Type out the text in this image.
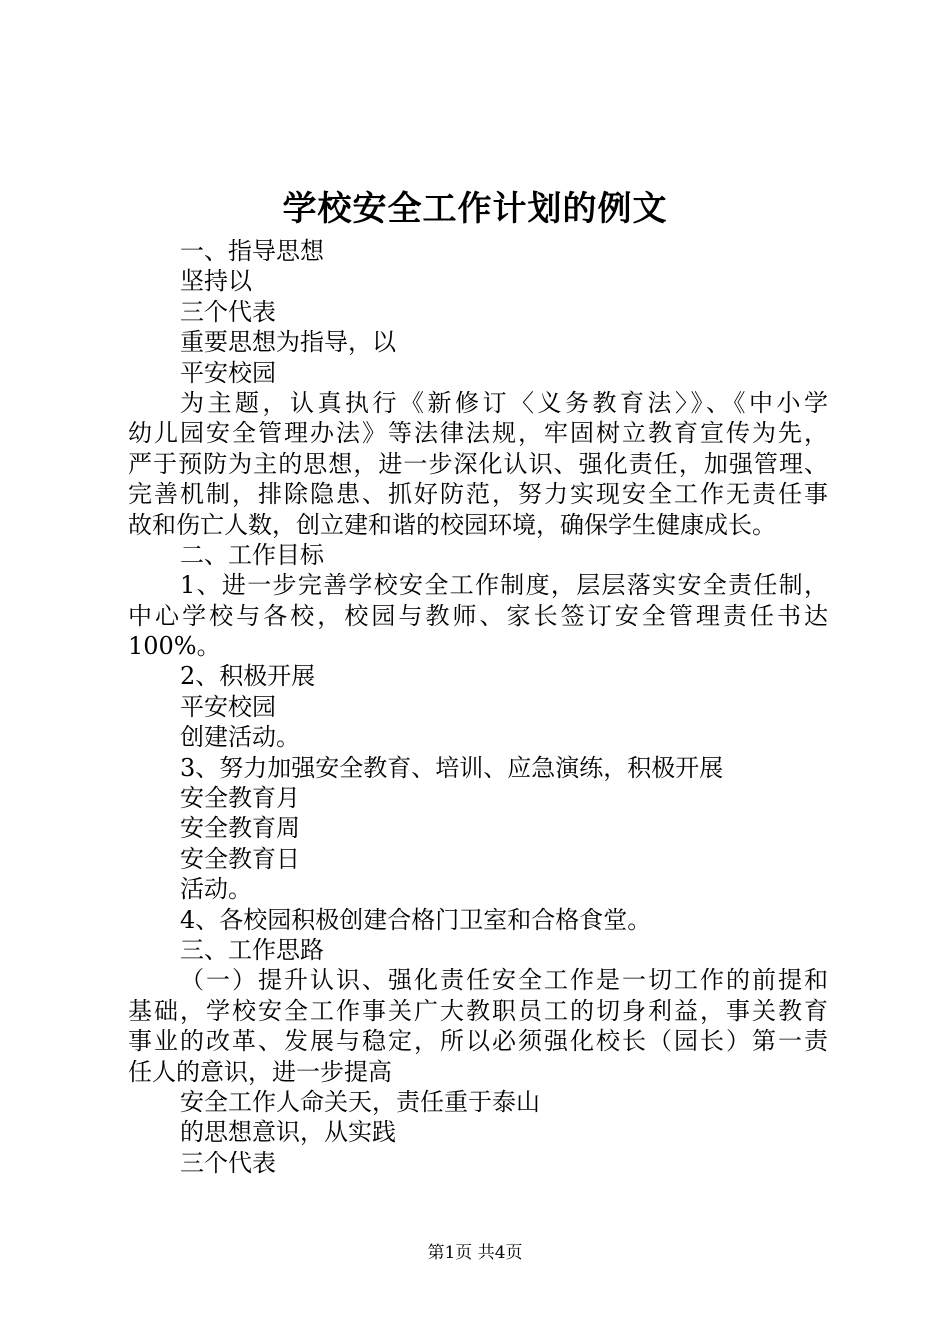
学校安全工作计划的例文
一、指导思想
坚持以
三个代表
重要思想为指导，以
平安校园
为主题，认真执行《新修订〈义务教育法〉》、《中小学
幼儿园安全管理办法》等法律法规，牢固树立教育宣传为先，
严于预防为主的思想，进一步深化认识、强化责任，加强管理、
完善机制，排除隐患、抓好防范，努力实现安全工作无责任事
故和伤亡人数，创立建和谐的校园环境，确保学生健康成长。
二、工作目标
1、进一步完善学校安全工作制度，层层落实安全责任制，
中心学校与各校，校园与教师、家长签订安全管理责任书达
100%。
2、积极开展
平安校园
创建活动。
3、努力加强安全教育、培训、应急演练，积极开展
安全教育月
安全教育周
安全教育日
活动。
4、各校园积极创建合格门卫室和合格食堂。
三、工作思路
（一）提升认识、强化责任安全工作是一切工作的前提和
基础，学校安全工作事关广大教职员工的切身利益，事关教育
事业的改革、发展与稳定，所以必须强化校长（园长）第一责
任人的意识，进一步提高
安全工作人命关天，责任重于泰山
的思想意识，从实践
三个代表
第1页 共4页
